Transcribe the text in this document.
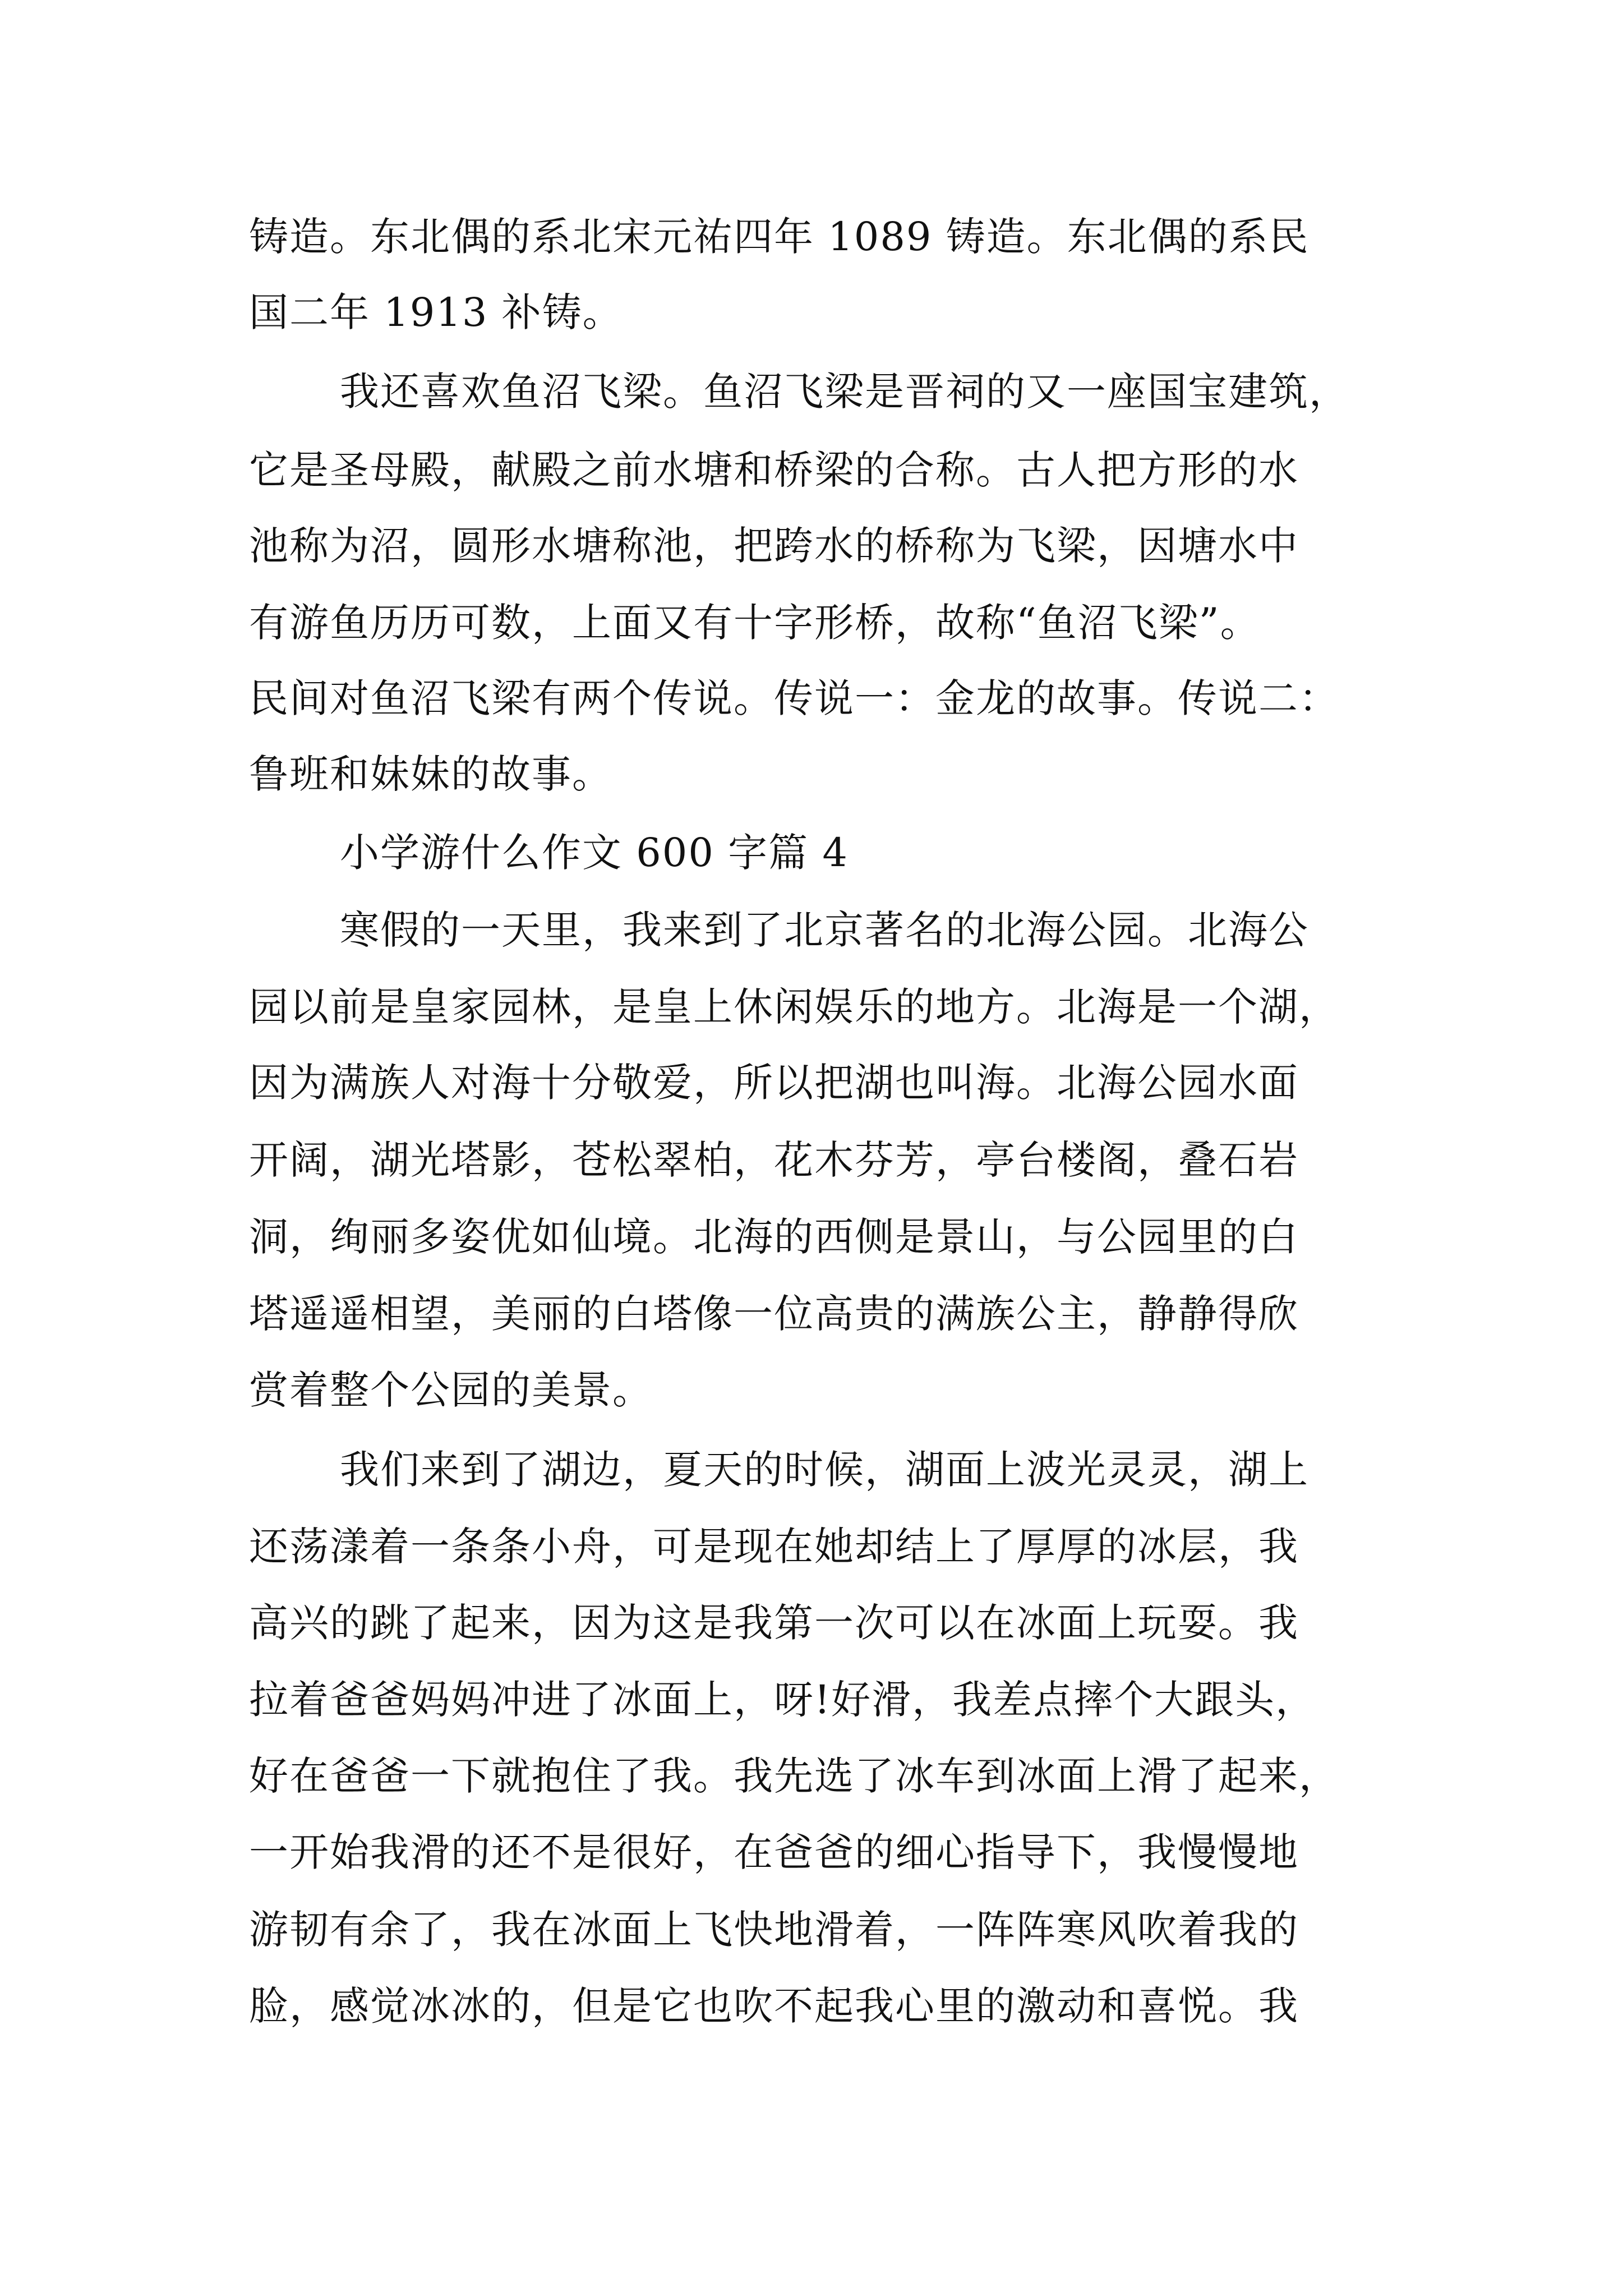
铸造。东北偶的系北宋元祐四年 1089 铸造。东北偶的系民
国二年 1913 补铸。
我还喜欢鱼沼飞梁。鱼沼飞梁是晋祠的又一座国宝建筑，
它是圣母殿，献殿之前水塘和桥梁的合称。古人把方形的水
池称为沼，圆形水塘称池，把跨水的桥称为飞梁，因塘水中
有游鱼历历可数，上面又有十字形桥，故称“鱼沼飞梁”。
民间对鱼沼飞梁有两个传说。传说一：金龙的故事。传说二：
鲁班和妹妹的故事。
小学游什么作文 600 字篇 4
寒假的一天里，我来到了北京著名的北海公园。北海公
园以前是皇家园林，是皇上休闲娱乐的地方。北海是一个湖，
因为满族人对海十分敬爱，所以把湖也叫海。北海公园水面
开阔，湖光塔影，苍松翠柏，花木芬芳，亭台楼阁，叠石岩
洞，绚丽多姿优如仙境。北海的西侧是景山，与公园里的白
塔遥遥相望，美丽的白塔像一位高贵的满族公主，静静得欣
赏着整个公园的美景。
我们来到了湖边，夏天的时候，湖面上波光灵灵，湖上
还荡漾着一条条小舟，可是现在她却结上了厚厚的冰层，我
高兴的跳了起来，因为这是我第一次可以在冰面上玩耍。我
拉着爸爸妈妈冲进了冰面上，呀!好滑，我差点摔个大跟头，
好在爸爸一下就抱住了我。我先选了冰车到冰面上滑了起来，
一开始我滑的还不是很好，在爸爸的细心指导下，我慢慢地
游韧有余了，我在冰面上飞快地滑着，一阵阵寒风吹着我的
脸，感觉冰冰的，但是它也吹不起我心里的激动和喜悦。我
